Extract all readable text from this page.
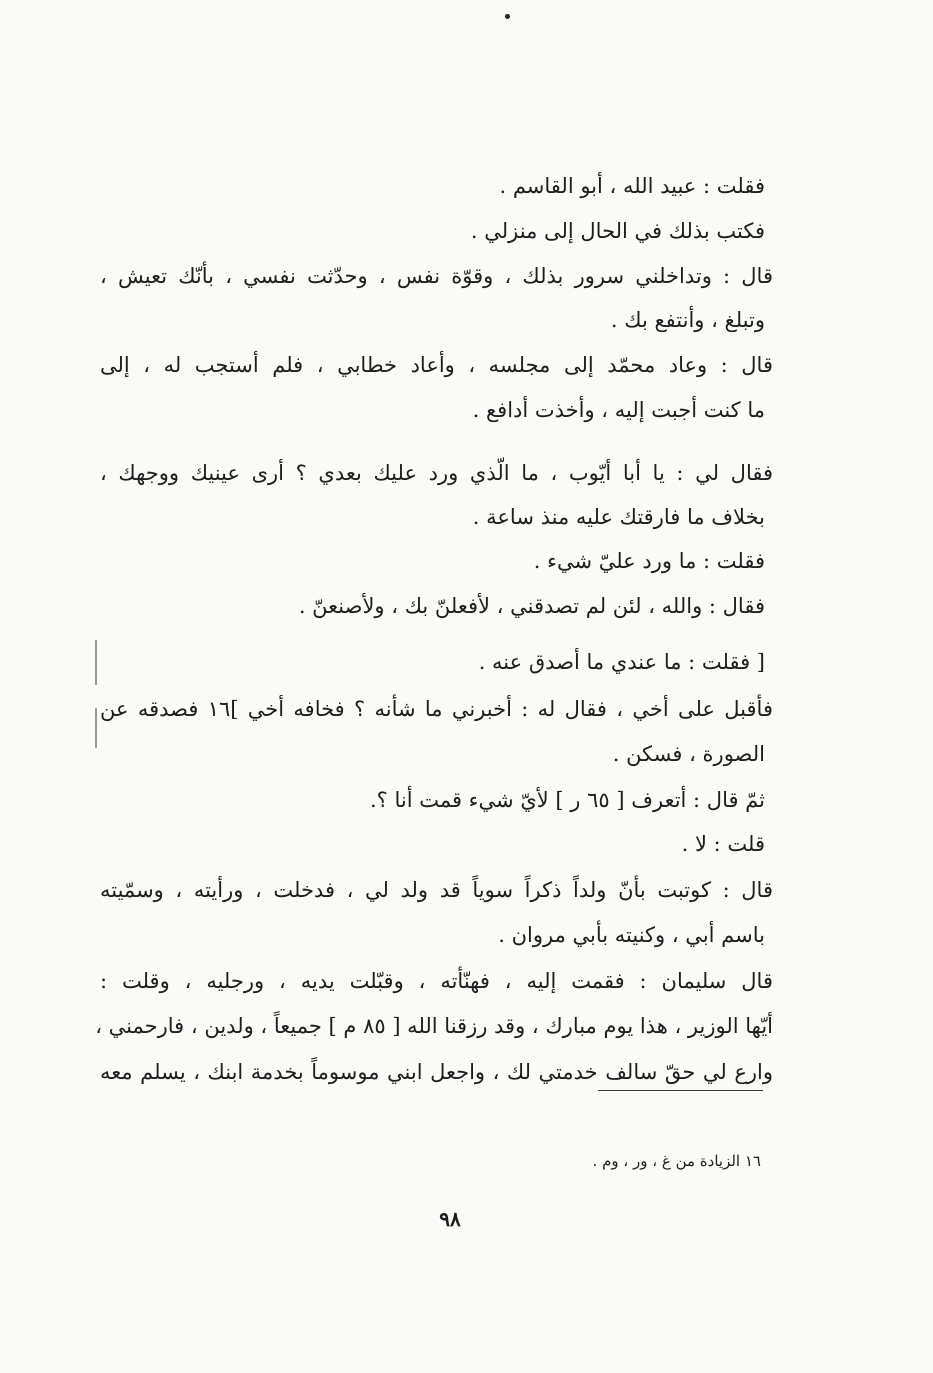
فقلت : عبيد الله ، أبو القاسم .
فكتب بذلك في الحال إلى منزلي .
قال : وتداخلني سرور بذلك ، وقوّة نفس ، وحدّثت نفسي ، بأنّك تعيش ،
وتبلغ ، وأنتفع بك .
قال : وعاد محمّد إلى مجلسه ، وأعاد خطابي ، فلم أستجب له ، إلى
ما كنت أجبت إليه ، وأخذت أدافع .
فقال لي : يا أبا أيّوب ، ما الّذي ورد عليك بعدي ؟ أرى عينيك ووجهك ،
بخلاف ما فارقتك عليه منذ ساعة .
فقلت : ما ورد عليّ شيء .
فقال : والله ، لئن لم تصدقني ، لأفعلنّ بك ، ولأصنعنّ .
[ فقلت : ما عندي ما أصدق عنه .
فأقبل على أخي ، فقال له : أخبرني ما شأنه ؟ فخافه أخي ]١٦ فصدقه عن
الصورة ، فسكن .
ثمّ قال : أتعرف [ ٦٥ ر ] لأيّ شيء قمت أنا ؟.
قلت : لا .
قال : كوتبت بأنّ ولداً ذكراً سوياً قد ولد لي ، فدخلت ، ورأيته ، وسمّيته
باسم أبي ، وكنيته بأبي مروان .
قال سليمان : فقمت إليه ، فهنّأته ، وقبّلت يديه ، ورجليه ، وقلت :
أيّها الوزير ، هذا يوم مبارك ، وقد رزقنا الله [ ٨٥ م ] جميعاً ، ولدين ، فارحمني ،
وارع لي حقّ سالف خدمتي لك ، واجعل ابني موسوماً بخدمة ابنك ، يسلم معه
١٦ الزيادة من غ ، ور ، وم .
٩٨
